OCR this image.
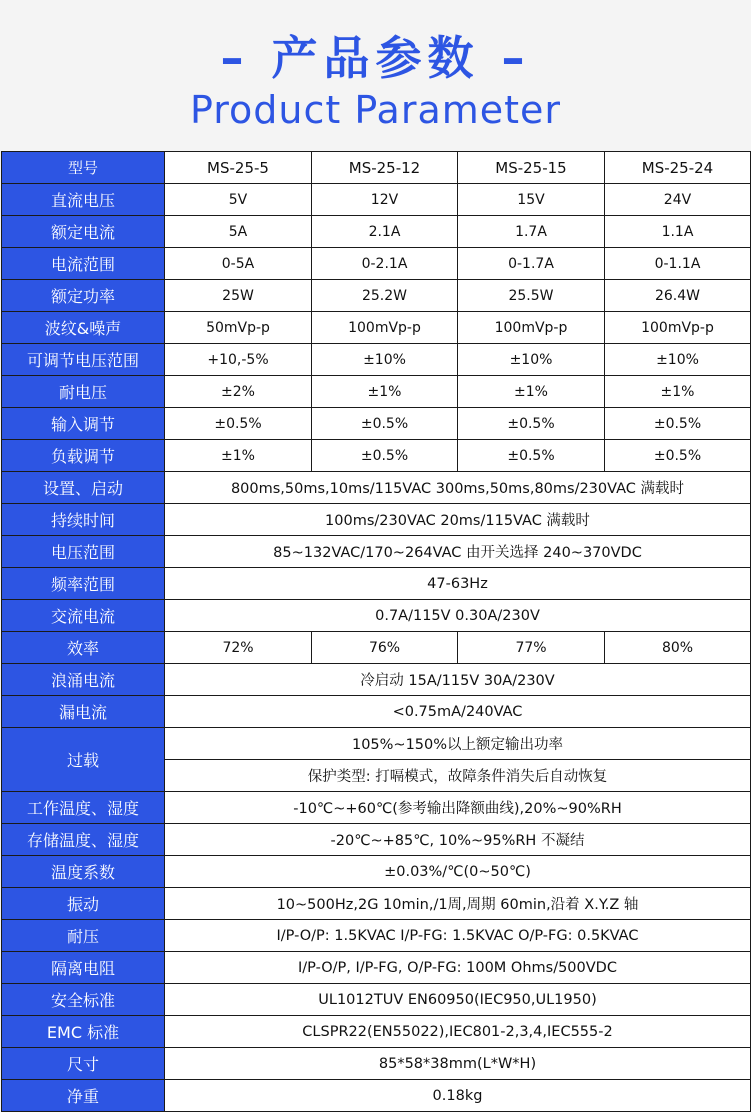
– 产品参数 –
Product Parameter
型号	MS-25-5	MS-25-12	MS-25-15	MS-25-24
直流电压	5V	12V	15V	24V
额定电流	5A	2.1A	1.7A	1.1A
电流范围	0-5A	0-2.1A	0-1.7A	0-1.1A
额定功率	25W	25.2W	25.5W	26.4W
波纹&噪声	50mVp-p	100mVp-p	100mVp-p	100mVp-p
可调节电压范围	+10,-5%	±10%	±10%	±10%
耐电压	±2%	±1%	±1%	±1%
输入调节	±0.5%	±0.5%	±0.5%	±0.5%
负载调节	±1%	±0.5%	±0.5%	±0.5%
设置、启动	800ms,50ms,10ms/115VAC 300ms,50ms,80ms/230VAC 满载时			
持续时间	100ms/230VAC 20ms/115VAC 满载时			
电压范围	85~132VAC/170~264VAC 由开关选择 240~370VDC			
频率范围	47-63Hz			
交流电流	0.7A/115V 0.30A/230V			
效率	72%	76%	77%	80%
浪涌电流	冷启动 15A/115V 30A/230V			
漏电流	<0.75mA/240VAC			
过载	105%~150%以上额定输出功率			
	保护类型: 打嗝模式，故障条件消失后自动恢复			
工作温度、湿度	-10℃~+60℃(参考输出降额曲线),20%~90%RH			
存储温度、湿度	-20℃~+85℃, 10%~95%RH 不凝结			
温度系数	±0.03%/℃(0~50℃)			
振动	10~500Hz,2G 10min,/1周,周期 60min,沿着 X.Y.Z 轴			
耐压	I/P-O/P: 1.5KVAC I/P-FG: 1.5KVAC O/P-FG: 0.5KVAC			
隔离电阻	I/P-O/P, I/P-FG, O/P-FG: 100M Ohms/500VDC			
安全标准	UL1012TUV EN60950(IEC950,UL1950)			
EMC 标准	CLSPR22(EN55022),IEC801-2,3,4,IEC555-2			
尺寸	85*58*38mm(L*W*H)			
净重	0.18kg			
